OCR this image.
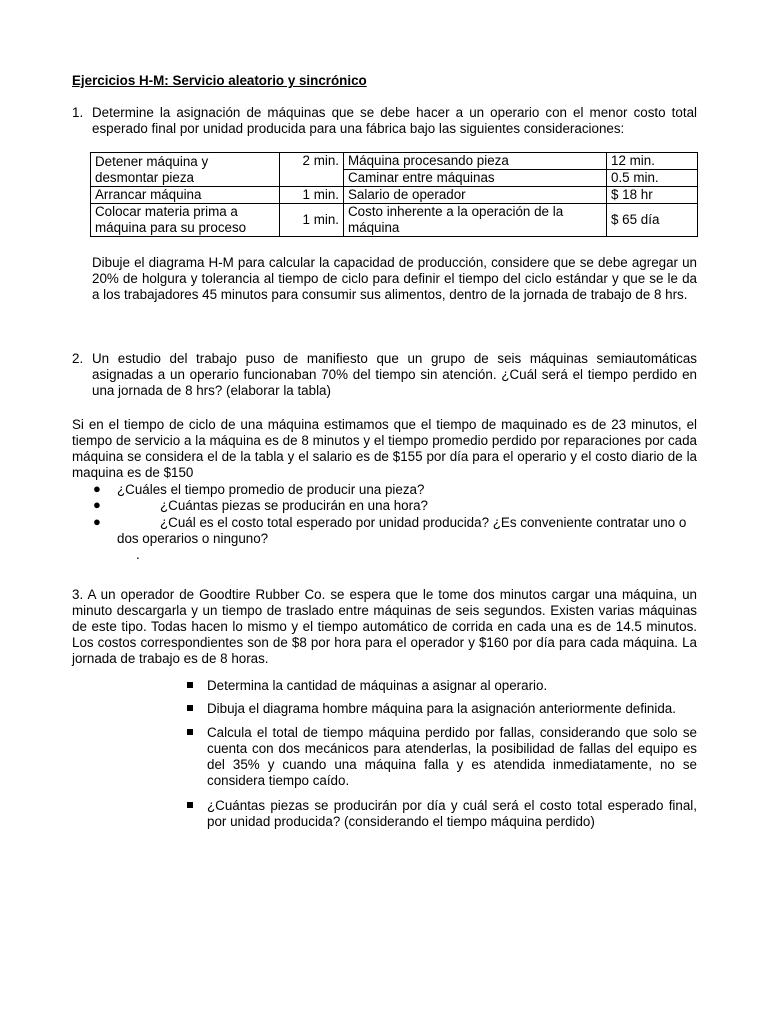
Ejercicios H-M: Servicio aleatorio y sincrónico
1. Determine la asignación de máquinas que se debe hacer a un operario con el menor costo total esperado final por unidad producida para una fábrica bajo las siguientes consideraciones:
Detener máquina y desmontar pieza	2 min.	Máquina procesando pieza	12 min.
		Caminar entre máquinas	0.5 min.
Arrancar máquina	1 min.	Salario de operador	$ 18 hr
Colocar materia prima a máquina para su proceso	1 min.	Costo inherente a la operación de la máquina	$ 65 día
Dibuje el diagrama H-M para calcular la capacidad de producción, considere que se debe agregar un 20% de holgura y tolerancia al tiempo de ciclo para definir el tiempo del ciclo estándar y que se le da a los trabajadores 45 minutos para consumir sus alimentos, dentro de la jornada de trabajo de 8 hrs.
2. Un estudio del trabajo puso de manifiesto que un grupo de seis máquinas semiautomáticas asignadas a un operario funcionaban 70% del tiempo sin atención. ¿Cuál será el tiempo perdido en una jornada de 8 hrs? (elaborar la tabla)
Si en el tiempo de ciclo de una máquina estimamos que el tiempo de maquinado es de 23 minutos, el tiempo de servicio a la máquina es de 8 minutos y el tiempo promedio perdido por reparaciones por cada máquina se considera el de la tabla y el salario es de $155 por día para el operario y el costo diario de la maquina es de $150
● ¿Cuáles el tiempo promedio de producir una pieza?
●	¿Cuántas piezas se producirán en una hora?
●	¿Cuál es el costo total esperado por unidad producida? ¿Es conveniente contratar uno o dos operarios o ninguno?
.
3. A un operador de Goodtire Rubber Co. se espera que le tome dos minutos cargar una máquina, un minuto descargarla y un tiempo de traslado entre máquinas de seis segundos. Existen varias máquinas de este tipo. Todas hacen lo mismo y el tiempo automático de corrida en cada una es de 14.5 minutos. Los costos correspondientes son de $8 por hora para el operador y $160 por día para cada máquina. La jornada de trabajo es de 8 horas.
Determina la cantidad de máquinas a asignar al operario.
Dibuja el diagrama hombre máquina para la asignación anteriormente definida.
Calcula el total de tiempo máquina perdido por fallas, considerando que solo se cuenta con dos mecánicos para atenderlas, la posibilidad de fallas del equipo es del 35% y cuando una máquina falla y es atendida inmediatamente, no se considera tiempo caído.
¿Cuántas piezas se producirán por día y cuál será el costo total esperado final, por unidad producida? (considerando el tiempo máquina perdido)
